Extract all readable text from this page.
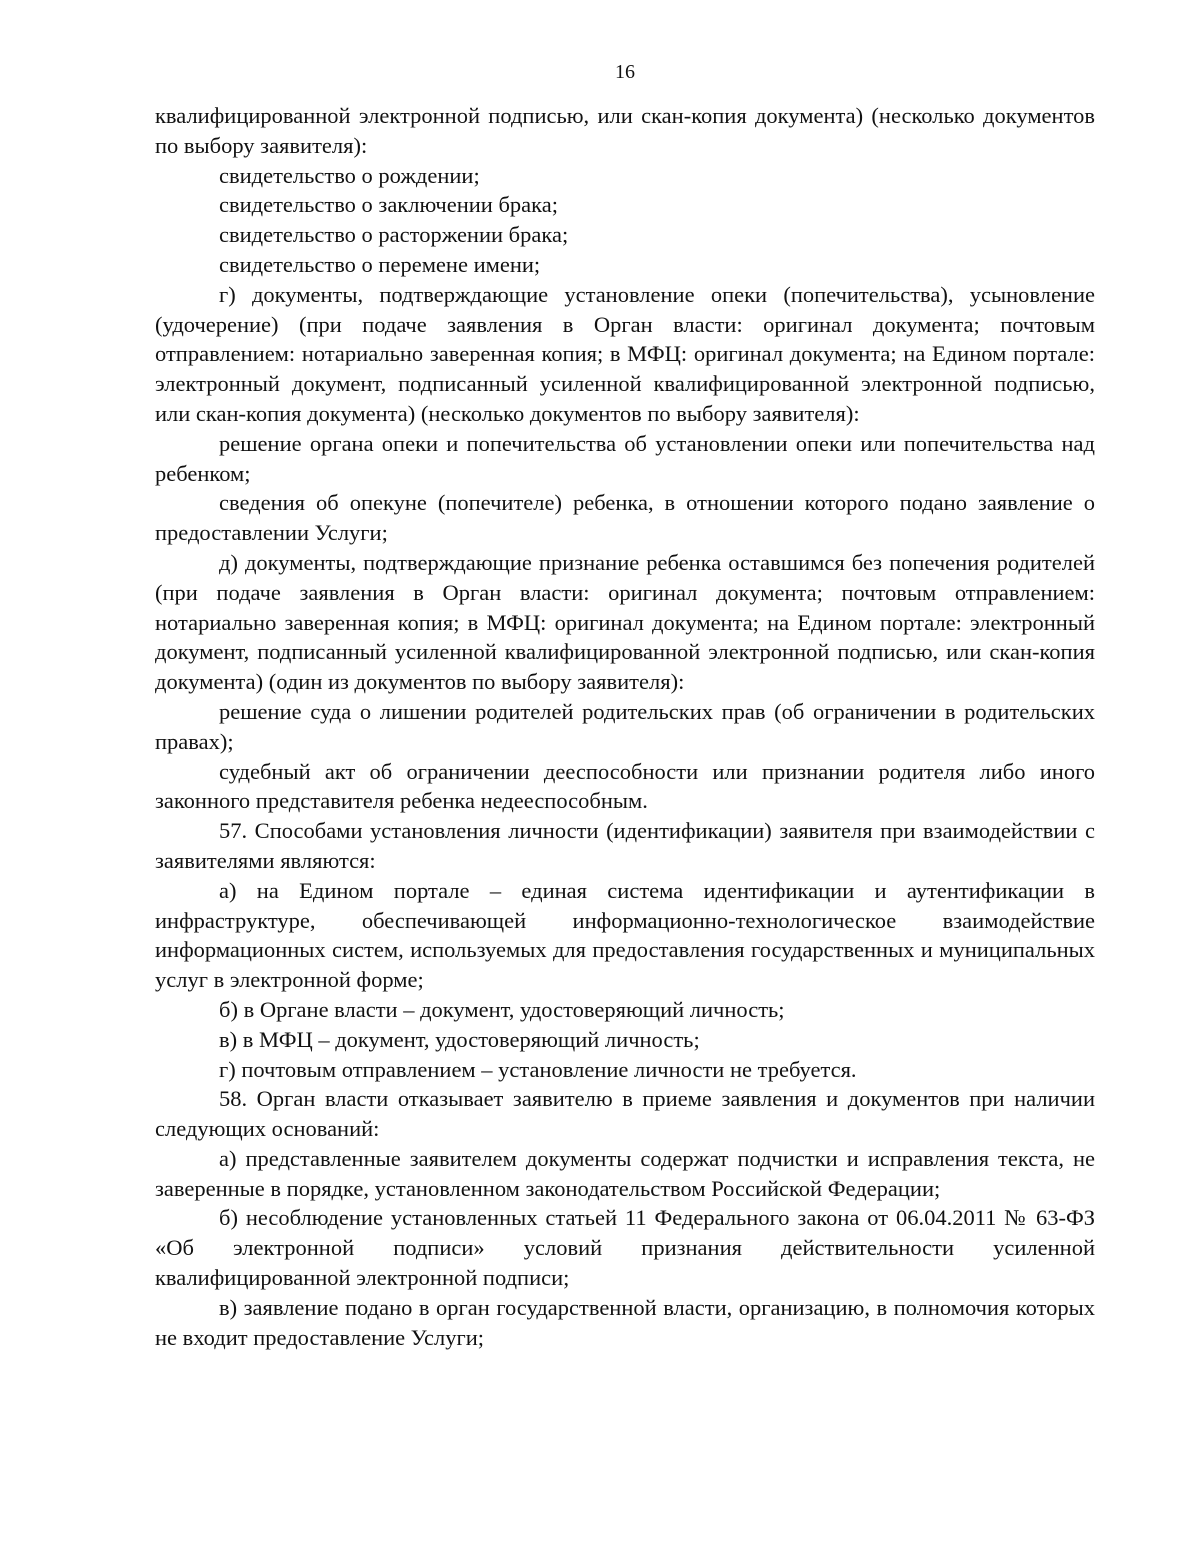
16

квалифицированной электронной подписью, или скан-копия документа) (несколько документов по выбору заявителя):

свидетельство о рождении;

свидетельство о заключении брака;

свидетельство о расторжении брака;

свидетельство о перемене имени;

г) документы, подтверждающие установление опеки (попечительства), усыновление (удочерение) (при подаче заявления в Орган власти: оригинал документа; почтовым отправлением: нотариально заверенная копия; в МФЦ: оригинал документа; на Едином портале: электронный документ, подписанный усиленной квалифицированной электронной подписью, или скан-копия документа) (несколько документов по выбору заявителя):

решение органа опеки и попечительства об установлении опеки или попечительства над ребенком;

сведения об опекуне (попечителе) ребенка, в отношении которого подано заявление о предоставлении Услуги;

д) документы, подтверждающие признание ребенка оставшимся без попечения родителей (при подаче заявления в Орган власти: оригинал документа; почтовым отправлением: нотариально заверенная копия; в МФЦ: оригинал документа; на Едином портале: электронный документ, подписанный усиленной квалифицированной электронной подписью, или скан-копия документа) (один из документов по выбору заявителя):

решение суда о лишении родителей родительских прав (об ограничении в родительских правах);

судебный акт об ограничении дееспособности или признании родителя либо иного законного представителя ребенка недееспособным.

57. Способами установления личности (идентификации) заявителя при взаимодействии с заявителями являются:

а) на Едином портале – единая система идентификации и аутентификации в инфраструктуре, обеспечивающей информационно-технологическое взаимодействие информационных систем, используемых для предоставления государственных и муниципальных услуг в электронной форме;

б) в Органе власти – документ, удостоверяющий личность;

в) в МФЦ – документ, удостоверяющий личность;

г) почтовым отправлением – установление личности не требуется.

58. Орган власти отказывает заявителю в приеме заявления и документов при наличии следующих оснований:

а) представленные заявителем документы содержат подчистки и исправления текста, не заверенные в порядке, установленном законодательством Российской Федерации;

б) несоблюдение установленных статьей 11 Федерального закона от 06.04.2011 № 63-ФЗ «Об электронной подписи» условий признания действительности усиленной квалифицированной электронной подписи;

в) заявление подано в орган государственной власти, организацию, в полномочия которых не входит предоставление Услуги;
